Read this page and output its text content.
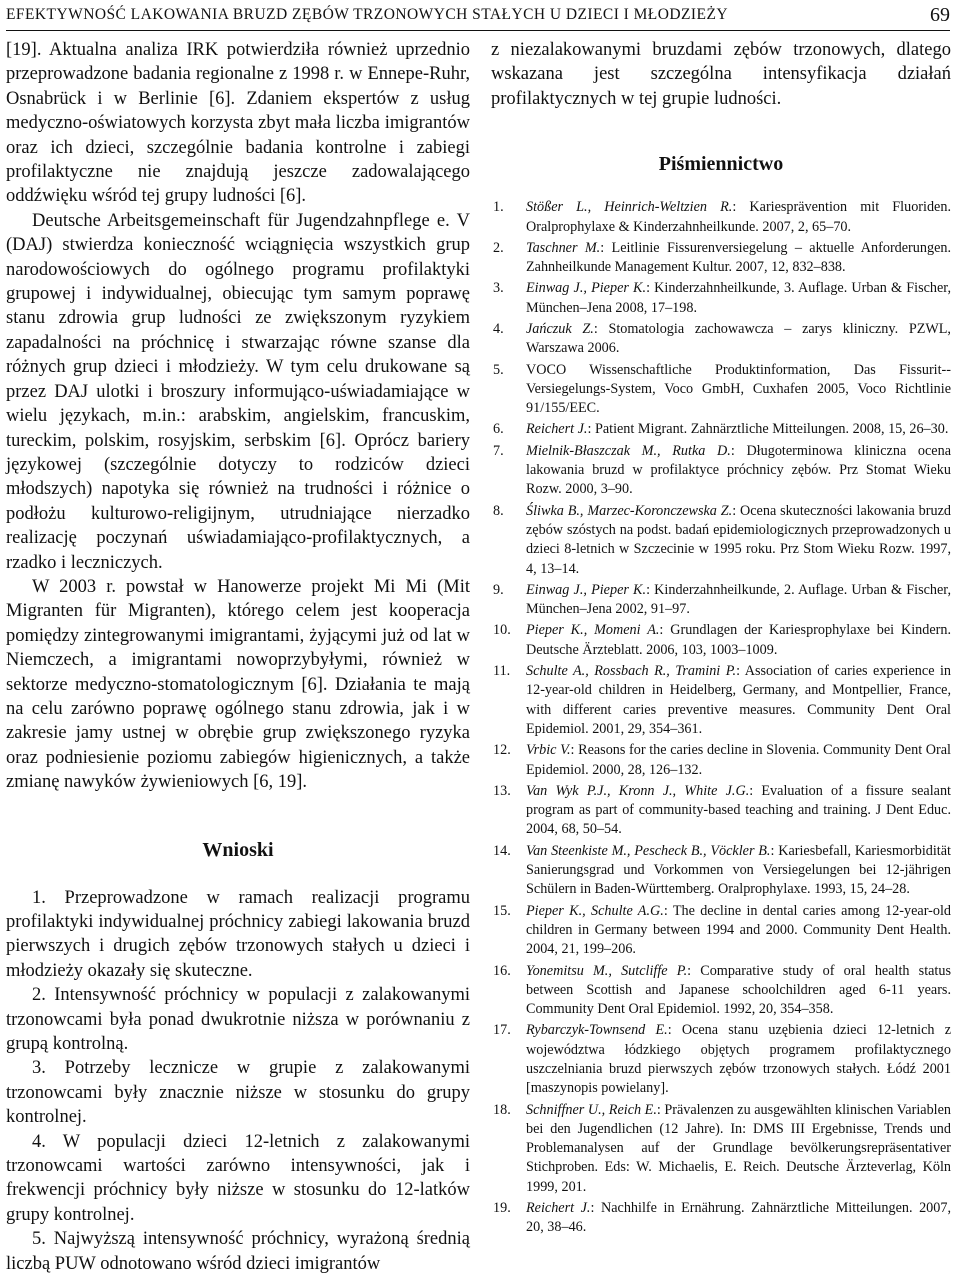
EFEKTYWNOŚĆ LAKOWANIA BRUZD ZĘBÓW TRZONOWYCH STAŁYCH U DZIECI I MŁODZIEŻY	69

[19]. Aktualna analiza IRK potwierdziła również uprzednio przeprowadzone badania regionalne z 1998 r. w Ennepe-Ruhr, Osnabrück i w Berlinie [6]. Zdaniem ekspertów z usług medyczno-oświatowych korzysta zbyt mała liczba imigrantów oraz ich dzieci, szczególnie badania kontrolne i zabiegi profilaktyczne nie znajdują jeszcze zadowalającego oddźwięku wśród tej grupy ludności [6].

Deutsche Arbeitsgemeinschaft für Jugendzahnpflege e. V (DAJ) stwierdza konieczność wciągnięcia wszystkich grup narodowościowych do ogólnego programu profilaktyki grupowej i indywidualnej, obiecując tym samym poprawę stanu zdrowia grup ludności ze zwiększonym ryzykiem zapadalności na próchnicę i stwarzając równe szanse dla różnych grup dzieci i młodzieży. W tym celu drukowane są przez DAJ ulotki i broszury informująco-uświadamiające w wielu językach, m.in.: arabskim, angielskim, francuskim, tureckim, polskim, rosyjskim, serbskim [6]. Oprócz bariery językowej (szczególnie dotyczy to rodziców dzieci młodszych) napotyka się również na trudności i różnice o podłożu kulturowo-religijnym, utrudniające nierzadko realizację poczynań uświadamiająco-profilaktycznych, a rzadko i leczniczych.

W 2003 r. powstał w Hanowerze projekt Mi Mi (Mit Migranten für Migranten), którego celem jest kooperacja pomiędzy zintegrowanymi imigrantami, żyjącymi już od lat w Niemczech, a imigrantami nowoprzybyłymi, również w sektorze medyczno-stomatologicznym [6]. Działania te mają na celu zarówno poprawę ogólnego stanu zdrowia, jak i w zakresie jamy ustnej w obrębie grup zwiększonego ryzyka oraz podniesienie poziomu zabiegów higienicznych, a także zmianę nawyków żywieniowych [6, 19].

Wnioski

1. Przeprowadzone w ramach realizacji programu profilaktyki indywidualnej próchnicy zabiegi lakowania bruzd pierwszych i drugich zębów trzonowych stałych u dzieci i młodzieży okazały się skuteczne.

2. Intensywność próchnicy w populacji z zalakowanymi trzonowcami była ponad dwukrotnie niższa w porównaniu z grupą kontrolną.

3. Potrzeby lecznicze w grupie z zalakowanymi trzonowcami były znacznie niższe w stosunku do grupy kontrolnej.

4. W populacji dzieci 12-letnich z zalakowanymi trzonowcami wartości zarówno intensywności, jak i frekwencji próchnicy były niższe w stosunku do 12-latków grupy kontrolnej.

5. Najwyższą intensywność próchnicy, wyrażoną średnią liczbą PUW odnotowano wśród dzieci imigrantów

z niezalakowanymi bruzdami zębów trzonowych, dlatego wskazana jest szczególna intensyfikacja działań profilaktycznych w tej grupie ludności.

Piśmiennictwo
1.	Stößer L., Heinrich-Weltzien R.: Kariesprävention mit Fluoriden. Oralprophylaxe & Kinderzahnheilkunde. 2007, 2, 65–70.
2.	Taschner M.: Leitlinie Fissurenversiegelung – aktuelle Anforderungen. Zahnheilkunde Management Kultur. 2007, 12, 832–838.
3.	Einwag J., Pieper K.: Kinderzahnheilkunde, 3. Auflage. Urban & Fischer, München–Jena 2008, 17–198.
4.	Jańczuk Z.: Stomatologia zachowawcza – zarys kliniczny. PZWL, Warszawa 2006.
5.	VOCO Wissenschaftliche Produktinformation, Das Fissurit--Versiegelungs-System, Voco GmbH, Cuxhafen 2005, Voco Richtlinie 91/155/EEC.
6.	Reichert J.: Patient Migrant. Zahnärztliche Mitteilungen. 2008, 15, 26–30.
7.	Mielnik-Błaszczak M., Rutka D.: Długoterminowa kliniczna ocena lakowania bruzd w profilaktyce próchnicy zębów. Prz Stomat Wieku Rozw. 2000, 3–90.
8.	Śliwka B., Marzec-Koronczewska Z.: Ocena skuteczności lakowania bruzd zębów szóstych na podst. badań epidemiologicznych przeprowadzonych u dzieci 8-letnich w Szczecinie w 1995 roku. Prz Stom Wieku Rozw. 1997, 4, 13–14.
9.	Einwag J., Pieper K.: Kinderzahnheilkunde, 2. Auflage. Urban & Fischer, München–Jena 2002, 91–97.
10.	Pieper K., Momeni A.: Grundlagen der Kariesprophylaxe bei Kindern. Deutsche Ärzteblatt. 2006, 103, 1003–1009.
11.	Schulte A., Rossbach R., Tramini P.: Association of caries experience in 12-year-old children in Heidelberg, Germany, and Montpellier, France, with different caries preventive measures. Community Dent Oral Epidemiol. 2001, 29, 354–361.
12.	Vrbic V.: Reasons for the caries decline in Slovenia. Community Dent Oral Epidemiol. 2000, 28, 126–132.
13.	Van Wyk P.J., Kronn J., White J.G.: Evaluation of a fissure sealant program as part of community-based teaching and training. J Dent Educ. 2004, 68, 50–54.
14.	Van Steenkiste M., Pescheck B., Vöckler B.: Kariesbefall, Kariesmorbidität Sanierungsgrad und Vorkommen von Versiegelungen bei 12-jährigen Schülern in Baden-Württemberg. Oralprophylaxe. 1993, 15, 24–28.
15.	Pieper K., Schulte A.G.: The decline in dental caries among 12-year-old children in Germany between 1994 and 2000. Community Dent Health. 2004, 21, 199–206.
16.	Yonemitsu M., Sutcliffe P.: Comparative study of oral health status between Scottish and Japanese schoolchildren aged 6-11 years. Community Dent Oral Epidemiol. 1992, 20, 354–358.
17.	Rybarczyk-Townsend E.: Ocena stanu uzębienia dzieci 12-letnich z województwa łódzkiego objętych programem profilaktycznego uszczelniania bruzd pierwszych zębów trzonowych stałych. Łódź 2001 [maszynopis powielany].
18.	Schniffner U., Reich E.: Prävalenzen zu ausgewählten klinischen Variablen bei den Jugendlichen (12 Jahre). In: DMS III Ergebnisse, Trends und Problemanalysen auf der Grundlage bevölkerungsrepräsentativer Stichproben. Eds: W. Michaelis, E. Reich. Deutsche Ärzteverlag, Köln 1999, 201.
19.	Reichert J.: Nachhilfe in Ernährung. Zahnärztliche Mitteilungen. 2007, 20, 38–46.
